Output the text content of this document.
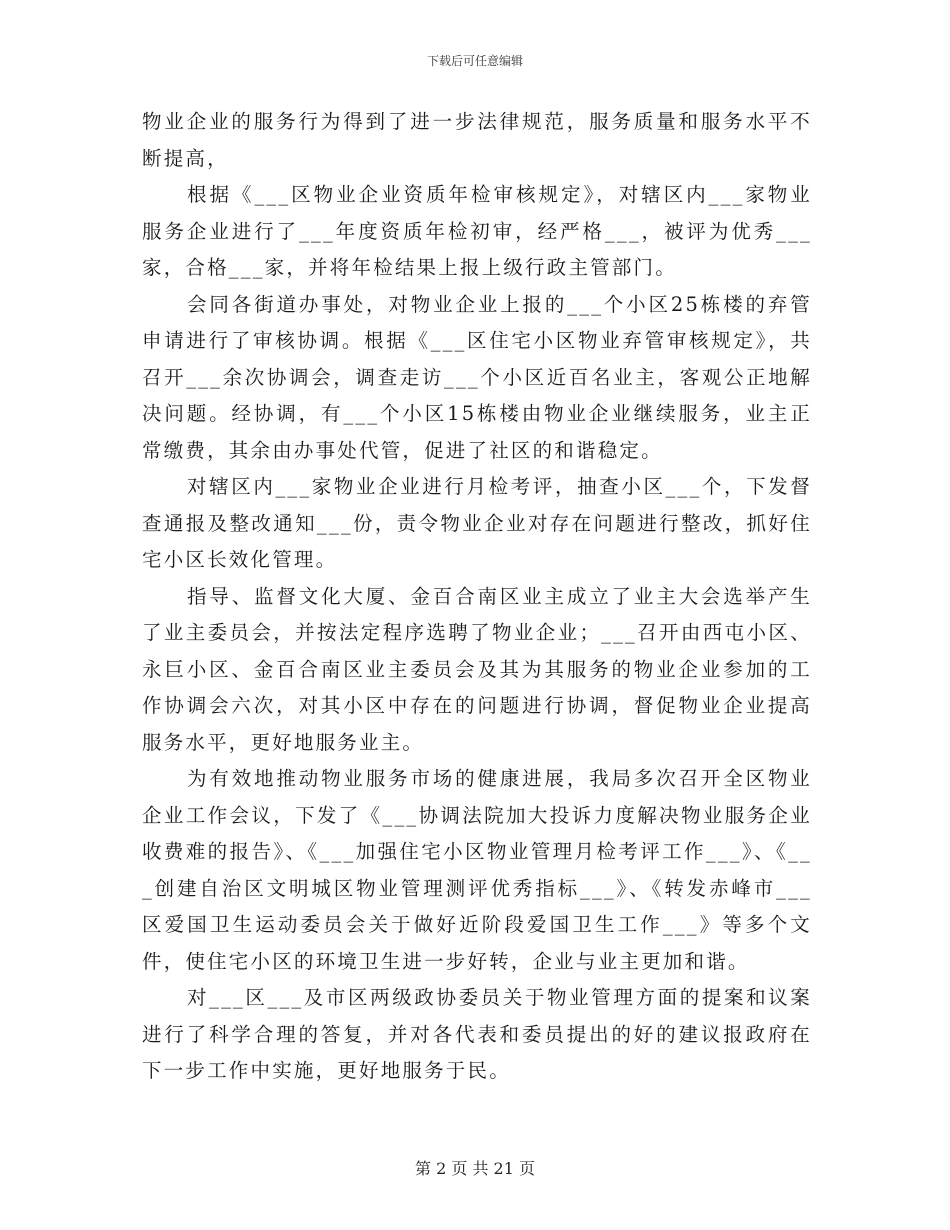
下载后可任意编辑

物业企业的服务行为得到了进一步法律规范，服务质量和服务水平不断提高，

根据《___区物业企业资质年检审核规定》，对辖区内___家物业服务企业进行了___年度资质年检初审，经严格___，被评为优秀___家，合格___家，并将年检结果上报上级行政主管部门。

会同各街道办事处，对物业企业上报的___个小区25栋楼的弃管申请进行了审核协调。根据《___区住宅小区物业弃管审核规定》，共召开___余次协调会，调查走访___个小区近百名业主，客观公正地解决问题。经协调，有___个小区15栋楼由物业企业继续服务，业主正常缴费，其余由办事处代管，促进了社区的和谐稳定。

对辖区内___家物业企业进行月检考评，抽查小区___个，下发督查通报及整改通知___份，责令物业企业对存在问题进行整改，抓好住宅小区长效化管理。

指导、监督文化大厦、金百合南区业主成立了业主大会选举产生了业主委员会，并按法定程序选聘了物业企业；___召开由西屯小区、永巨小区、金百合南区业主委员会及其为其服务的物业企业参加的工作协调会六次，对其小区中存在的问题进行协调，督促物业企业提高服务水平，更好地服务业主。

为有效地推动物业服务市场的健康进展，我局多次召开全区物业企业工作会议，下发了《___协调法院加大投诉力度解决物业服务企业收费难的报告》、《___加强住宅小区物业管理月检考评工作___》、《___创建自治区文明城区物业管理测评优秀指标___》、《转发赤峰市___区爱国卫生运动委员会关于做好近阶段爱国卫生工作___》等多个文件，使住宅小区的环境卫生进一步好转，企业与业主更加和谐。

对___区___及市区两级政协委员关于物业管理方面的提案和议案进行了科学合理的答复，并对各代表和委员提出的好的建议报政府在下一步工作中实施，更好地服务于民。

第 2 页 共 21 页
